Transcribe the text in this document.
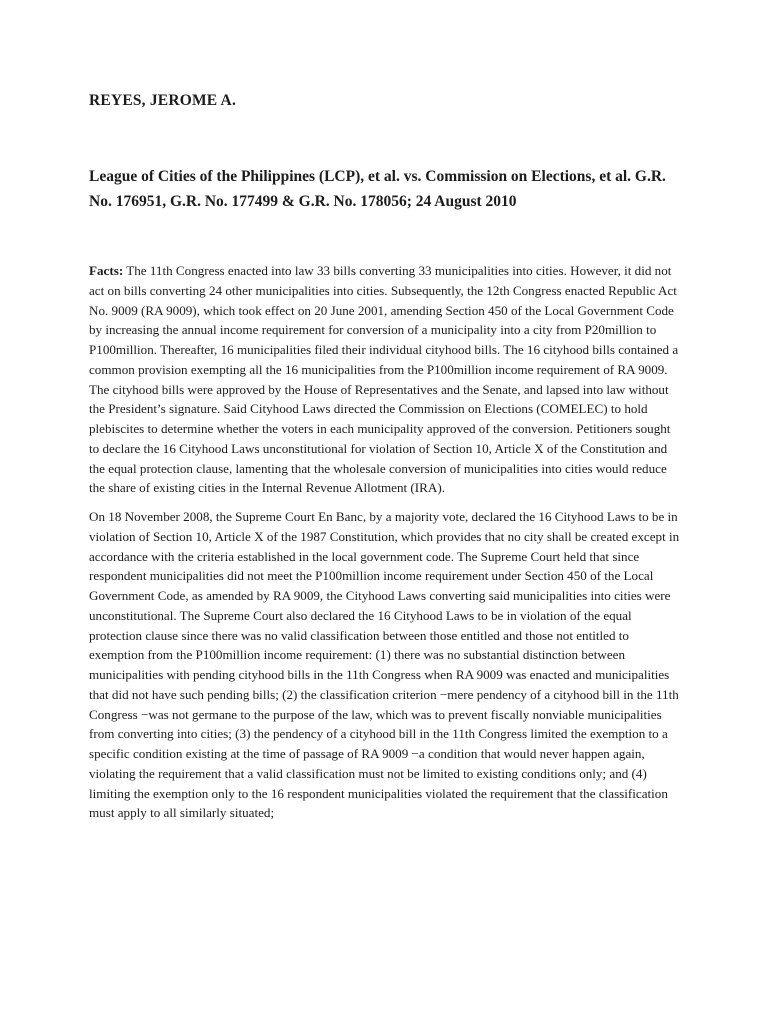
REYES, JEROME A.
League of Cities of the Philippines (LCP), et al. vs. Commission on Elections, et al. G.R. No. 176951, G.R. No. 177499 & G.R. No. 178056; 24 August 2010

Facts: The 11th Congress enacted into law 33 bills converting 33 municipalities into cities. However, it did not act on bills converting 24 other municipalities into cities. Subsequently, the 12th Congress enacted Republic Act No. 9009 (RA 9009), which took effect on 20 June 2001, amending Section 450 of the Local Government Code by increasing the annual income requirement for conversion of a municipality into a city from P20million to P100million. Thereafter, 16 municipalities filed their individual cityhood bills. The 16 cityhood bills contained a common provision exempting all the 16 municipalities from the P100million income requirement of RA 9009. The cityhood bills were approved by the House of Representatives and the Senate, and lapsed into law without the President’s signature. Said Cityhood Laws directed the Commission on Elections (COMELEC) to hold plebiscites to determine whether the voters in each municipality approved of the conversion. Petitioners sought to declare the 16 Cityhood Laws unconstitutional for violation of Section 10, Article X of the Constitution and the equal protection clause, lamenting that the wholesale conversion of municipalities into cities would reduce the share of existing cities in the Internal Revenue Allotment (IRA).

On 18 November 2008, the Supreme Court En Banc, by a majority vote, declared the 16 Cityhood Laws to be in violation of Section 10, Article X of the 1987 Constitution, which provides that no city shall be created except in accordance with the criteria established in the local government code. The Supreme Court held that since respondent municipalities did not meet the P100million income requirement under Section 450 of the Local Government Code, as amended by RA 9009, the Cityhood Laws converting said municipalities into cities were unconstitutional. The Supreme Court also declared the 16 Cityhood Laws to be in violation of the equal protection clause since there was no valid classification between those entitled and those not entitled to exemption from the P100million income requirement: (1) there was no substantial distinction between municipalities with pending cityhood bills in the 11th Congress when RA 9009 was enacted and municipalities that did not have such pending bills; (2) the classification criterion −mere pendency of a cityhood bill in the 11th Congress −was not germane to the purpose of the law, which was to prevent fiscally nonviable municipalities from converting into cities; (3) the pendency of a cityhood bill in the 11th Congress limited the exemption to a specific condition existing at the time of passage of RA 9009 −a condition that would never happen again, violating the requirement that a valid classification must not be limited to existing conditions only; and (4) limiting the exemption only to the 16 respondent municipalities violated the requirement that the classification must apply to all similarly situated;
